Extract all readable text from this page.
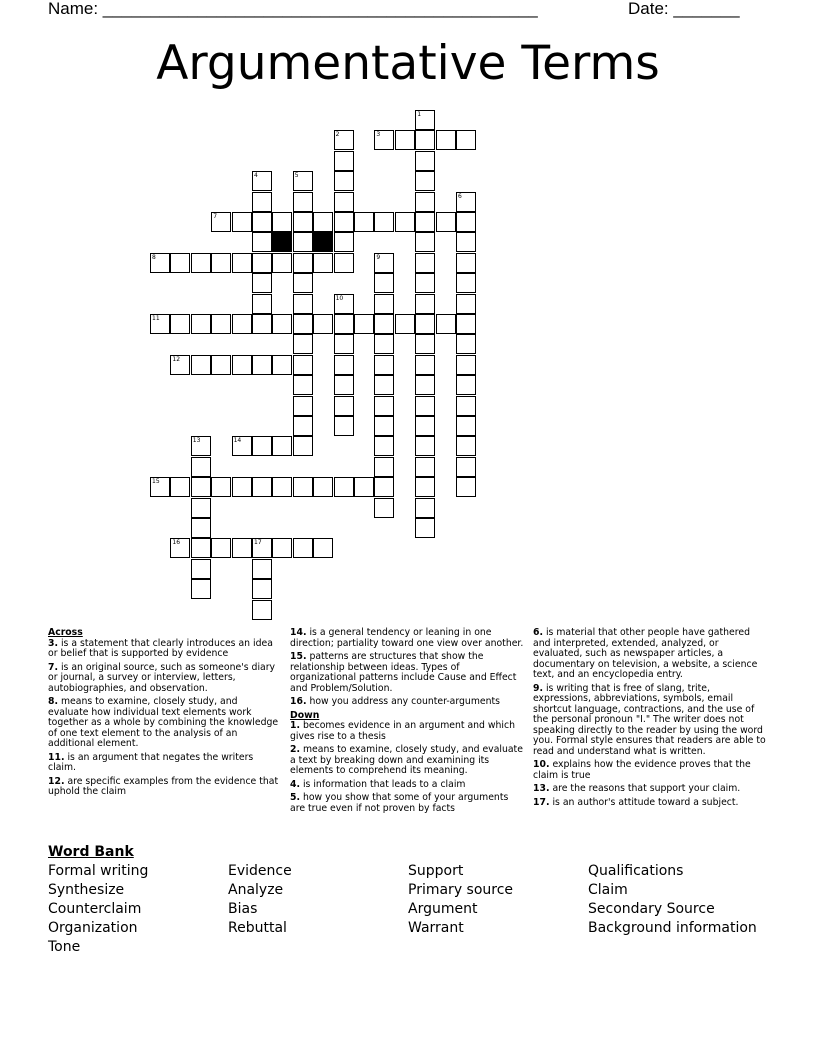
Name: ______________________________________________	Date: _______
Argumentative Terms
1
2	3
4	5
6
7
8	9
10
11
12
13	14
15
16	17
Across
3. is a statement that clearly introduces an idea or belief that is supported by evidence
7. is an original source, such as someone's diary or journal, a survey or interview, letters, autobiographies, and observation.
8. means to examine, closely study, and evaluate how individual text elements work together as a whole by combining the knowledge of one text element to the analysis of an additional element.
11. is an argument that negates the writers claim.
12. are specific examples from the evidence that uphold the claim
14. is a general tendency or leaning in one direction; partiality toward one view over another.
15. patterns are structures that show the relationship between ideas. Types of organizational patterns include Cause and Effect and Problem/Solution.
16. how you address any counter-arguments
Down
1. becomes evidence in an argument and which gives rise to a thesis
2. means to examine, closely study, and evaluate a text by breaking down and examining its elements to comprehend its meaning.
4. is information that leads to a claim
5. how you show that some of your arguments are true even if not proven by facts
6. is material that other people have gathered and interpreted, extended, analyzed, or evaluated, such as newspaper articles, a documentary on television, a website, a science text, and an encyclopedia entry.
9. is writing that is free of slang, trite, expressions, abbreviations, symbols, email shortcut language, contractions, and the use of the personal pronoun "I." The writer does not speaking directly to the reader by using the word you. Formal style ensures that readers are able to read and understand what is written.
10. explains how the evidence proves that the claim is true
13. are the reasons that support your claim.
17. is an author's attitude toward a subject.
Word Bank
Formal writing
Synthesize
Counterclaim
Organization
Tone
Evidence
Analyze
Bias
Rebuttal
Support
Primary source
Argument
Warrant
Qualifications
Claim
Secondary Source
Background information
